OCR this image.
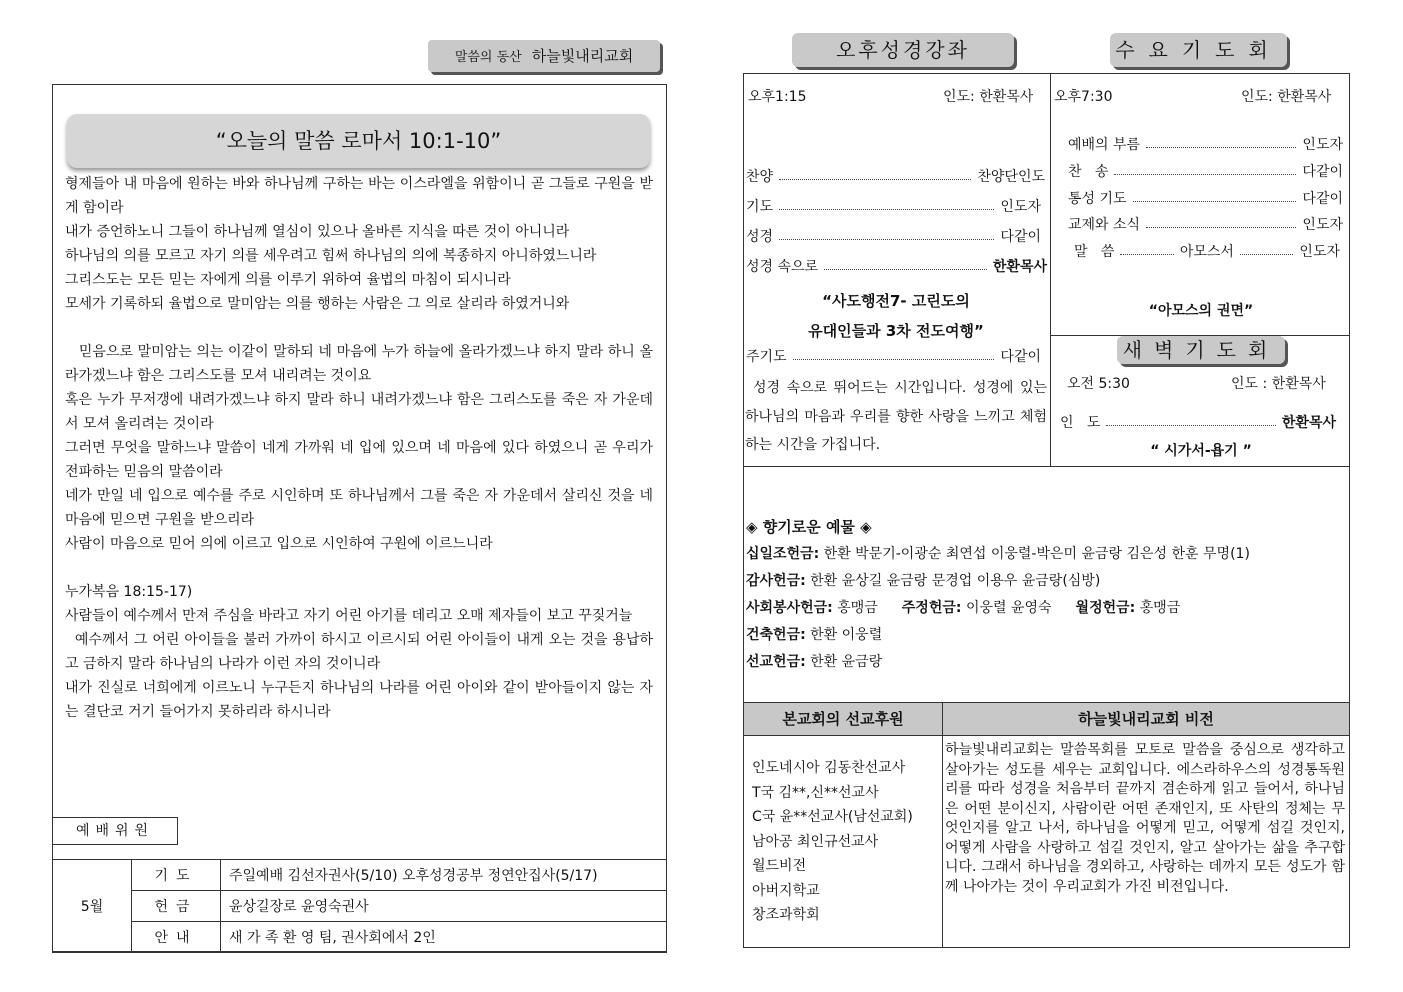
말씀의 동산 하늘빛내리교회
“오늘의 말씀 로마서 10:1-10”

형제들아 내 마음에 원하는 바와 하나님께 구하는 바는 이스라엘을 위함이니 곧 그들로 구원을 받게 함이라

내가 증언하노니 그들이 하나님께 열심이 있으나 올바른 지식을 따른 것이 아니니라

하나님의 의를 모르고 자기 의를 세우려고 힘써 하나님의 의에 복종하지 아니하였느니라

그리스도는 모든 믿는 자에게 의를 이루기 위하여 율법의 마침이 되시니라

모세가 기록하되 율법으로 말미암는 의를 행하는 사람은 그 의로 살리라 하였거니와

믿음으로 말미암는 의는 이같이 말하되 네 마음에 누가 하늘에 올라가겠느냐 하지 말라 하니 올라가겠느냐 함은 그리스도를 모셔 내리려는 것이요

혹은 누가 무저갱에 내려가겠느냐 하지 말라 하니 내려가겠느냐 함은 그리스도를 죽은 자 가운데서 모셔 올리려는 것이라

그러면 무엇을 말하느냐 말씀이 네게 가까워 네 입에 있으며 네 마음에 있다 하였으니 곧 우리가 전파하는 믿음의 말씀이라

네가 만일 네 입으로 예수를 주로 시인하며 또 하나님께서 그를 죽은 자 가운데서 살리신 것을 네 마음에 믿으면 구원을 받으리라

사람이 마음으로 믿어 의에 이르고 입으로 시인하여 구원에 이르느니라

누가복음 18:15-17)

사람들이 예수께서 만져 주심을 바라고 자기 어린 아기를 데리고 오매 제자들이 보고 꾸짖거늘

예수께서 그 어린 아이들을 불러 가까이 하시고 이르시되 어린 아이들이 내게 오는 것을 용납하고 금하지 말라 하나님의 나라가 이런 자의 것이니라

내가 진실로 너희에게 이르노니 누구든지 하나님의 나라를 어린 아이와 같이 받아들이지 않는 자는 결단코 거기 들어가지 못하리라 하시니라

예배위원
5월	기도	주일예배 김선자권사(5/10) 오후성경공부 정연안집사(5/17)
	헌금	윤상길장로 윤영숙권사
	안내	새 가 족 환 영 팀, 권사회에서 2인
오후성경강좌	수요기도회
오후1:15	인도: 한환목사
찬양	찬양단인도
기도	인도자
성경	다같이
성경 속으로	한환목사
“사도행전7- 고린도의
유대인들과 3차 전도여행”
주기도	다같이
성경 속으로 뛰어드는 시간입니다. 성경에 있는 하나님의 마음과 우리를 향한 사랑을 느끼고 체험하는 시간을 가집니다.
오후7:30	인도: 한환목사
예배의 부름	인도자
찬   송	다같이
통성 기도	다같이
교제와 소식	인도자
말   씀	아모스서	인도자
“아모스의 권면”
새벽기도회
오전 5:30	인도 : 한환목사
인   도	한환목사
“ 시가서-욥기 ”
◈ 향기로운 예물 ◈
십일조헌금: 한환 박문기-이광순 최연섭 이웅렬-박은미 윤금랑 김은성 한훈 무명(1)
감사헌금: 한환 윤상길 윤금랑 문경업 이용우 윤금랑(심방)
사회봉사헌금: 홍맹금 주정헌금: 이웅렬 윤영숙 월정헌금: 홍맹금
건축헌금: 한환 이웅렬
선교헌금: 한환 윤금랑
본교회의 선교후원	하늘빛내리교회 비전
인도네시아 김동찬선교사
T국 김**,신**선교사
C국 윤**선교사(남선교회)
남아공 최인규선교사
월드비전
아버지학교
창조과학회
하늘빛내리교회는 말씀목회를 모토로 말씀을 중심으로 생각하고 살아가는 성도를 세우는 교회입니다. 에스라하우스의 성경통독원리를 따라 성경을 처음부터 끝까지 겸손하게 읽고 들어서, 하나님은 어떤 분이신지, 사람이란 어떤 존재인지, 또 사탄의 정체는 무엇인지를 알고 나서, 하나님을 어떻게 믿고, 어떻게 섬길 것인지, 어떻게 사람을 사랑하고 섬길 것인지, 알고 살아가는 삶을 추구합니다. 그래서 하나님을 경외하고, 사랑하는 데까지 모든 성도가 함께 나아가는 것이 우리교회가 가진 비전입니다.
